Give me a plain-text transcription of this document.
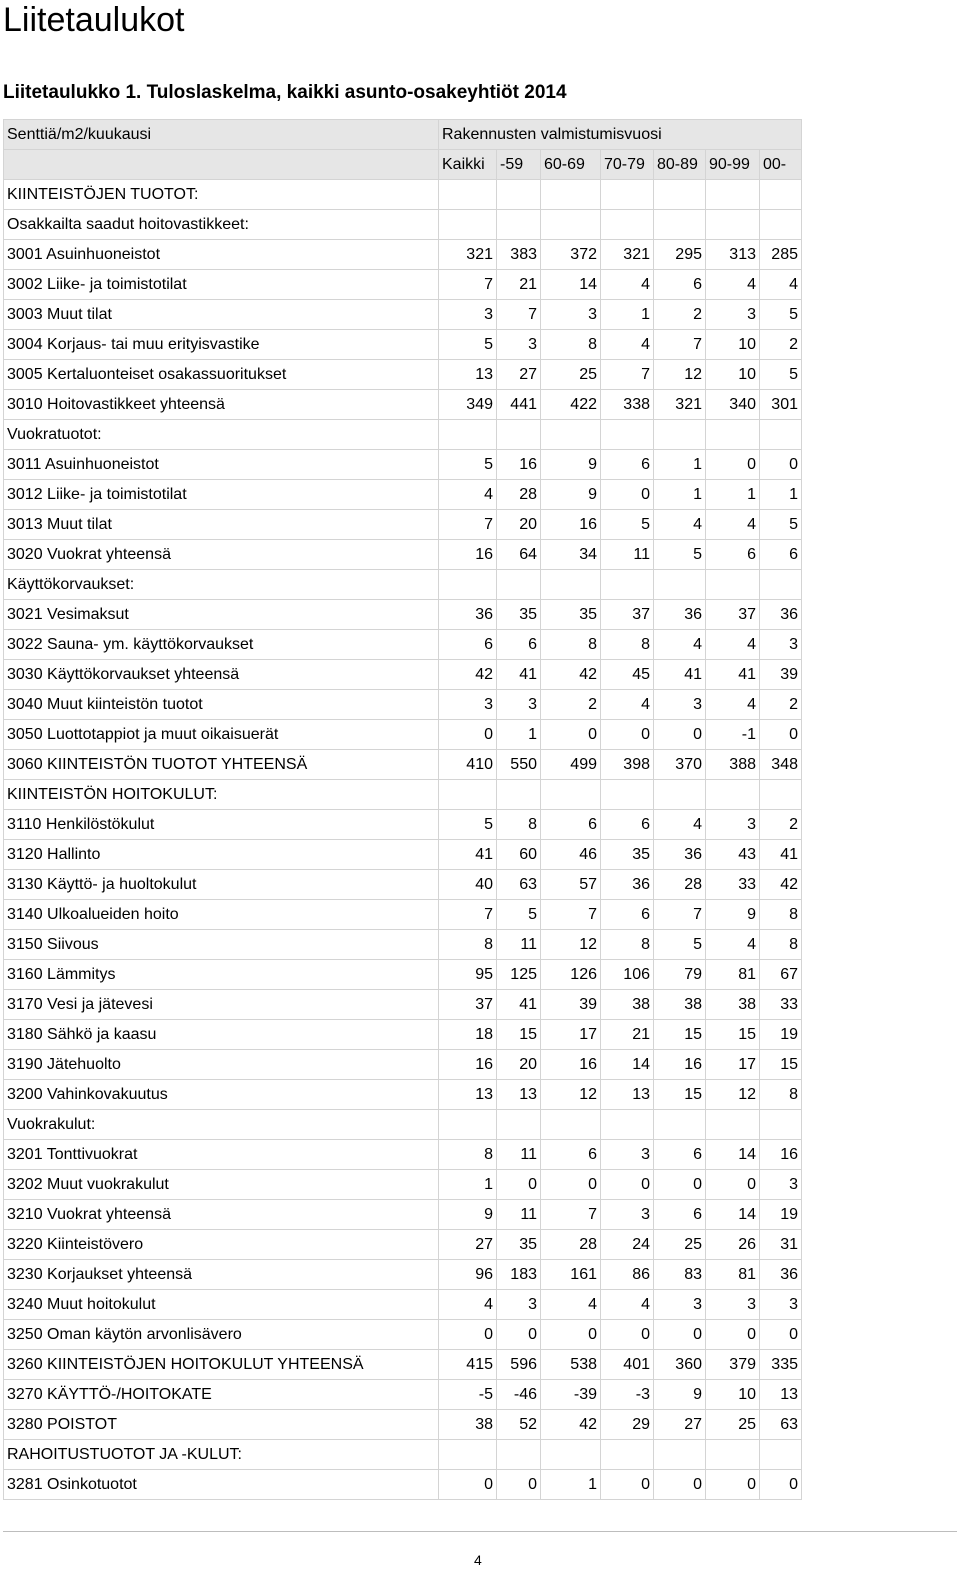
Liitetaulukot
Liitetaulukko 1. Tuloslaskelma, kaikki asunto-osakeyhtiöt 2014
Senttiä/m2/kuukausi	Rakennusten valmistumisvuosi						
	Kaikki	-59	60-69	70-79	80-89	90-99	00-
KIINTEISTÖJEN TUOTOT:							
Osakkailta saadut hoitovastikkeet:							
3001 Asuinhuoneistot	321	383	372	321	295	313	285
3002 Liike- ja toimistotilat	7	21	14	4	6	4	4
3003 Muut tilat	3	7	3	1	2	3	5
3004 Korjaus- tai muu erityisvastike	5	3	8	4	7	10	2
3005 Kertaluonteiset osakassuoritukset	13	27	25	7	12	10	5
3010 Hoitovastikkeet yhteensä	349	441	422	338	321	340	301
Vuokratuotot:							
3011 Asuinhuoneistot	5	16	9	6	1	0	0
3012 Liike- ja toimistotilat	4	28	9	0	1	1	1
3013 Muut tilat	7	20	16	5	4	4	5
3020 Vuokrat yhteensä	16	64	34	11	5	6	6
Käyttökorvaukset:							
3021 Vesimaksut	36	35	35	37	36	37	36
3022 Sauna- ym. käyttökorvaukset	6	6	8	8	4	4	3
3030 Käyttökorvaukset yhteensä	42	41	42	45	41	41	39
3040 Muut kiinteistön tuotot	3	3	2	4	3	4	2
3050 Luottotappiot ja muut oikaisuerät	0	1	0	0	0	-1	0
3060 KIINTEISTÖN TUOTOT YHTEENSÄ	410	550	499	398	370	388	348
KIINTEISTÖN HOITOKULUT:							
3110 Henkilöstökulut	5	8	6	6	4	3	2
3120 Hallinto	41	60	46	35	36	43	41
3130 Käyttö- ja huoltokulut	40	63	57	36	28	33	42
3140 Ulkoalueiden hoito	7	5	7	6	7	9	8
3150 Siivous	8	11	12	8	5	4	8
3160 Lämmitys	95	125	126	106	79	81	67
3170 Vesi ja jätevesi	37	41	39	38	38	38	33
3180 Sähkö ja kaasu	18	15	17	21	15	15	19
3190 Jätehuolto	16	20	16	14	16	17	15
3200 Vahinkovakuutus	13	13	12	13	15	12	8
Vuokrakulut:							
3201 Tonttivuokrat	8	11	6	3	6	14	16
3202 Muut vuokrakulut	1	0	0	0	0	0	3
3210 Vuokrat yhteensä	9	11	7	3	6	14	19
3220 Kiinteistövero	27	35	28	24	25	26	31
3230 Korjaukset yhteensä	96	183	161	86	83	81	36
3240 Muut hoitokulut	4	3	4	4	3	3	3
3250 Oman käytön arvonlisävero	0	0	0	0	0	0	0
3260 KIINTEISTÖJEN HOITOKULUT YHTEENSÄ	415	596	538	401	360	379	335
3270 KÄYTTÖ-/HOITOKATE	-5	-46	-39	-3	9	10	13
3280 POISTOT	38	52	42	29	27	25	63
RAHOITUSTUOTOT JA -KULUT:							
3281 Osinkotuotot	0	0	1	0	0	0	0
4
